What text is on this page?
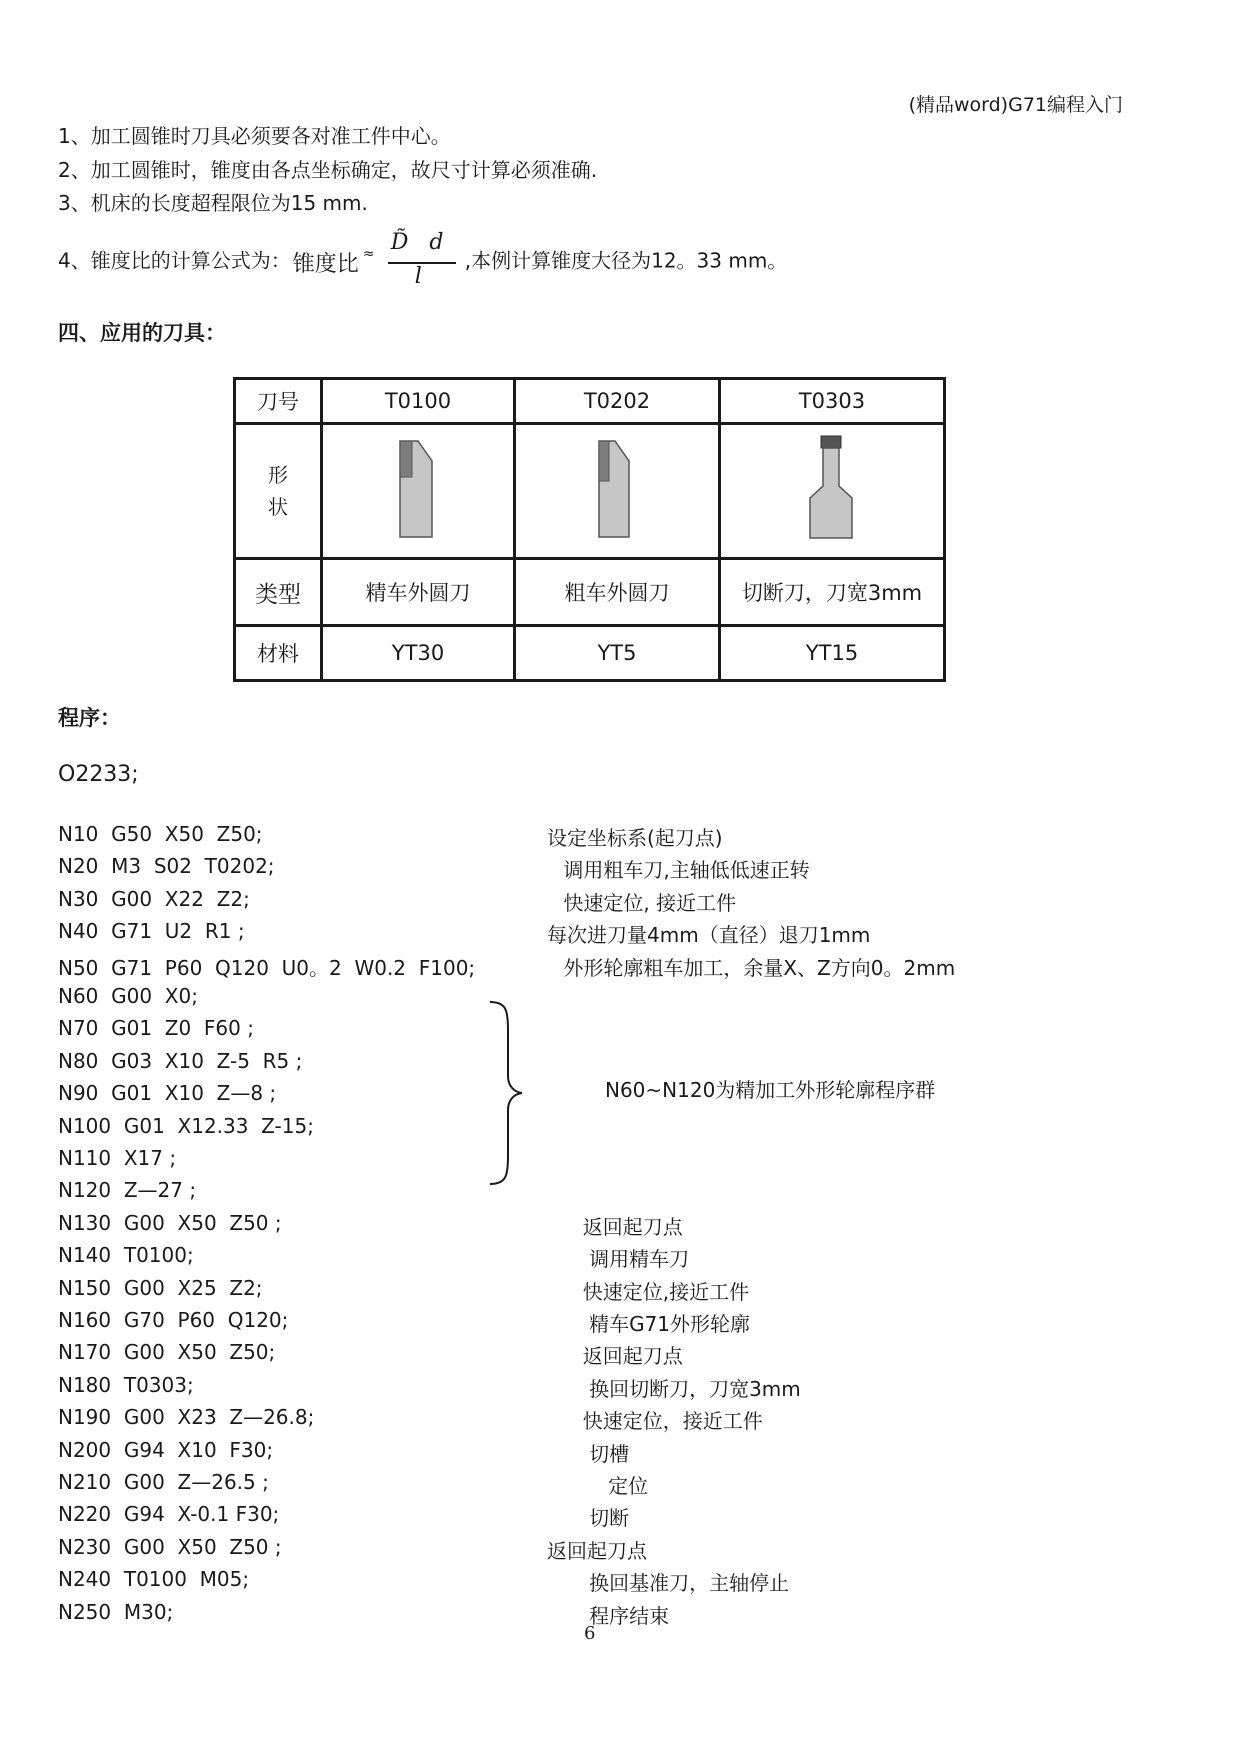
(精品word)G71编程入门
1、加工圆锥时刀具必须要各对准工件中心。
2、加工圆锥时，锥度由各点坐标确定，故尺寸计算必须准确.
3、机床的长度超程限位为15 mm.
4、锥度比的计算公式为： 锥度比 ≈ D̃   d
l
,本例计算锥度大径为12。33 mm。
四、应用的刀具：
刀号	T0100	T0202	T0303
形 状			
类型	精车外圆刀	粗车外圆刀	切断刀，刀宽3mm
材料	YT30	YT5	YT15
程序：
O2233;
N10  G50  X50  Z50;	设定坐标系(起刀点)
N20  M3  S02  T0202;	调用粗车刀,主轴低低速正转
N30  G00  X22  Z2;	快速定位, 接近工件
N40  G71  U2  R1 ;	每次进刀量4mm（直径）退刀1mm
N50  G71  P60  Q120  U0。2  W0.2  F100;	外形轮廓粗车加工，余量X、Z方向0。2mm
N60  G00  X0;
N70  G01  Z0  F60 ;
N80  G03  X10  Z-5  R5 ;
N90  G01  X10  Z—8 ;
N100  G01  X12.33  Z-15;
N110  X17 ;
N120  Z—27 ;
N130  G00  X50  Z50 ;	返回起刀点
N140  T0100;	调用精车刀
N150  G00  X25  Z2;	快速定位,接近工件
N160  G70  P60  Q120;	精车G71外形轮廓
N170  G00  X50  Z50;	返回起刀点
N180  T0303;	换回切断刀，刀宽3mm
N190  G00  X23  Z—26.8;	快速定位，接近工件
N200  G94  X10  F30;	切槽
N210  G00  Z—26.5 ;	定位
N220  G94  X-0.1 F30;	切断
N230  G00  X50  Z50 ;	返回起刀点
N240  T0100  M05;	换回基准刀，主轴停止
N250  M30;	程序结束
N60~N120为精加工外形轮廓程序群
6
